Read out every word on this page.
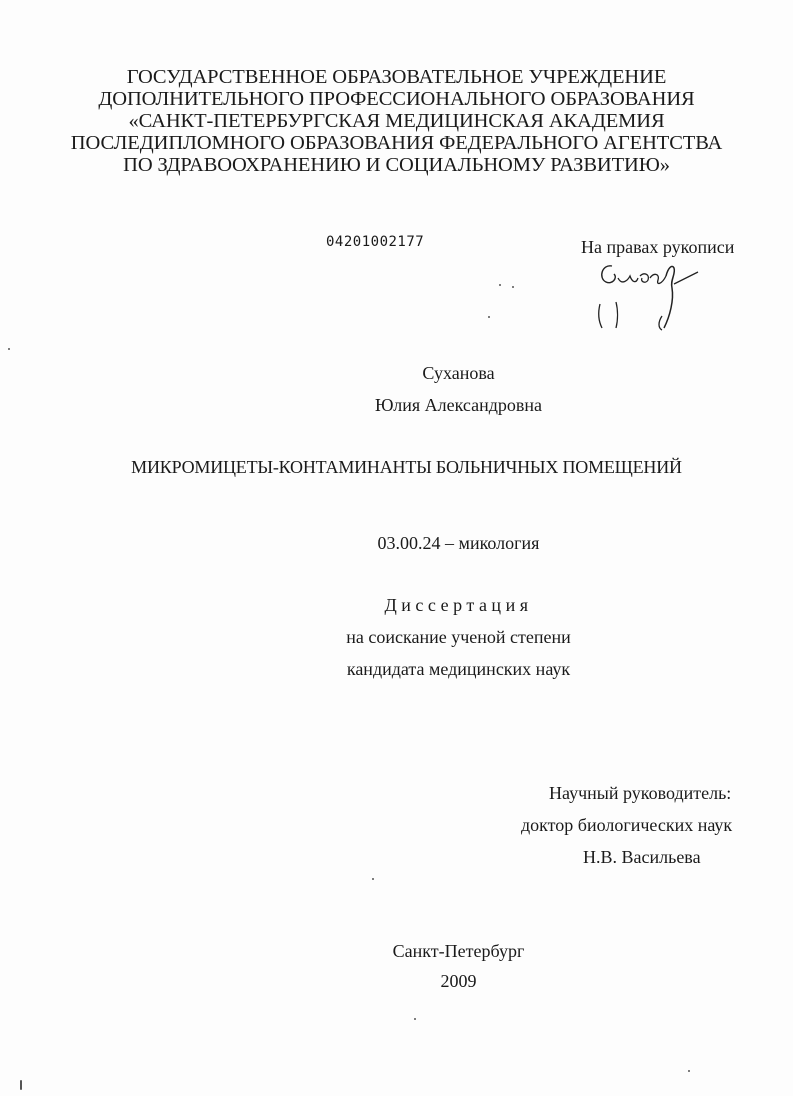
ГОСУДАРСТВЕННОЕ ОБРАЗОВАТЕЛЬНОЕ УЧРЕЖДЕНИЕ
ДОПОЛНИТЕЛЬНОГО ПРОФЕССИОНАЛЬНОГО ОБРАЗОВАНИЯ
«САНКТ-ПЕТЕРБУРГСКАЯ МЕДИЦИНСКАЯ АКАДЕМИЯ
ПОСЛЕДИПЛОМНОГО ОБРАЗОВАНИЯ ФЕДЕРАЛЬНОГО АГЕНТСТВА
ПО ЗДРАВООХРАНЕНИЮ И СОЦИАЛЬНОМУ РАЗВИТИЮ»
04201002177	На правах рукописи
Суханова
Юлия Александровна
МИКРОМИЦЕТЫ-КОНТАМИНАНТЫ БОЛЬНИЧНЫХ ПОМЕЩЕНИЙ
03.00.24 – микология
Диссертация
на соискание ученой степени
кандидата медицинских наук
Научный руководитель:
доктор биологических наук
Н.В. Васильева
Санкт-Петербург
2009
